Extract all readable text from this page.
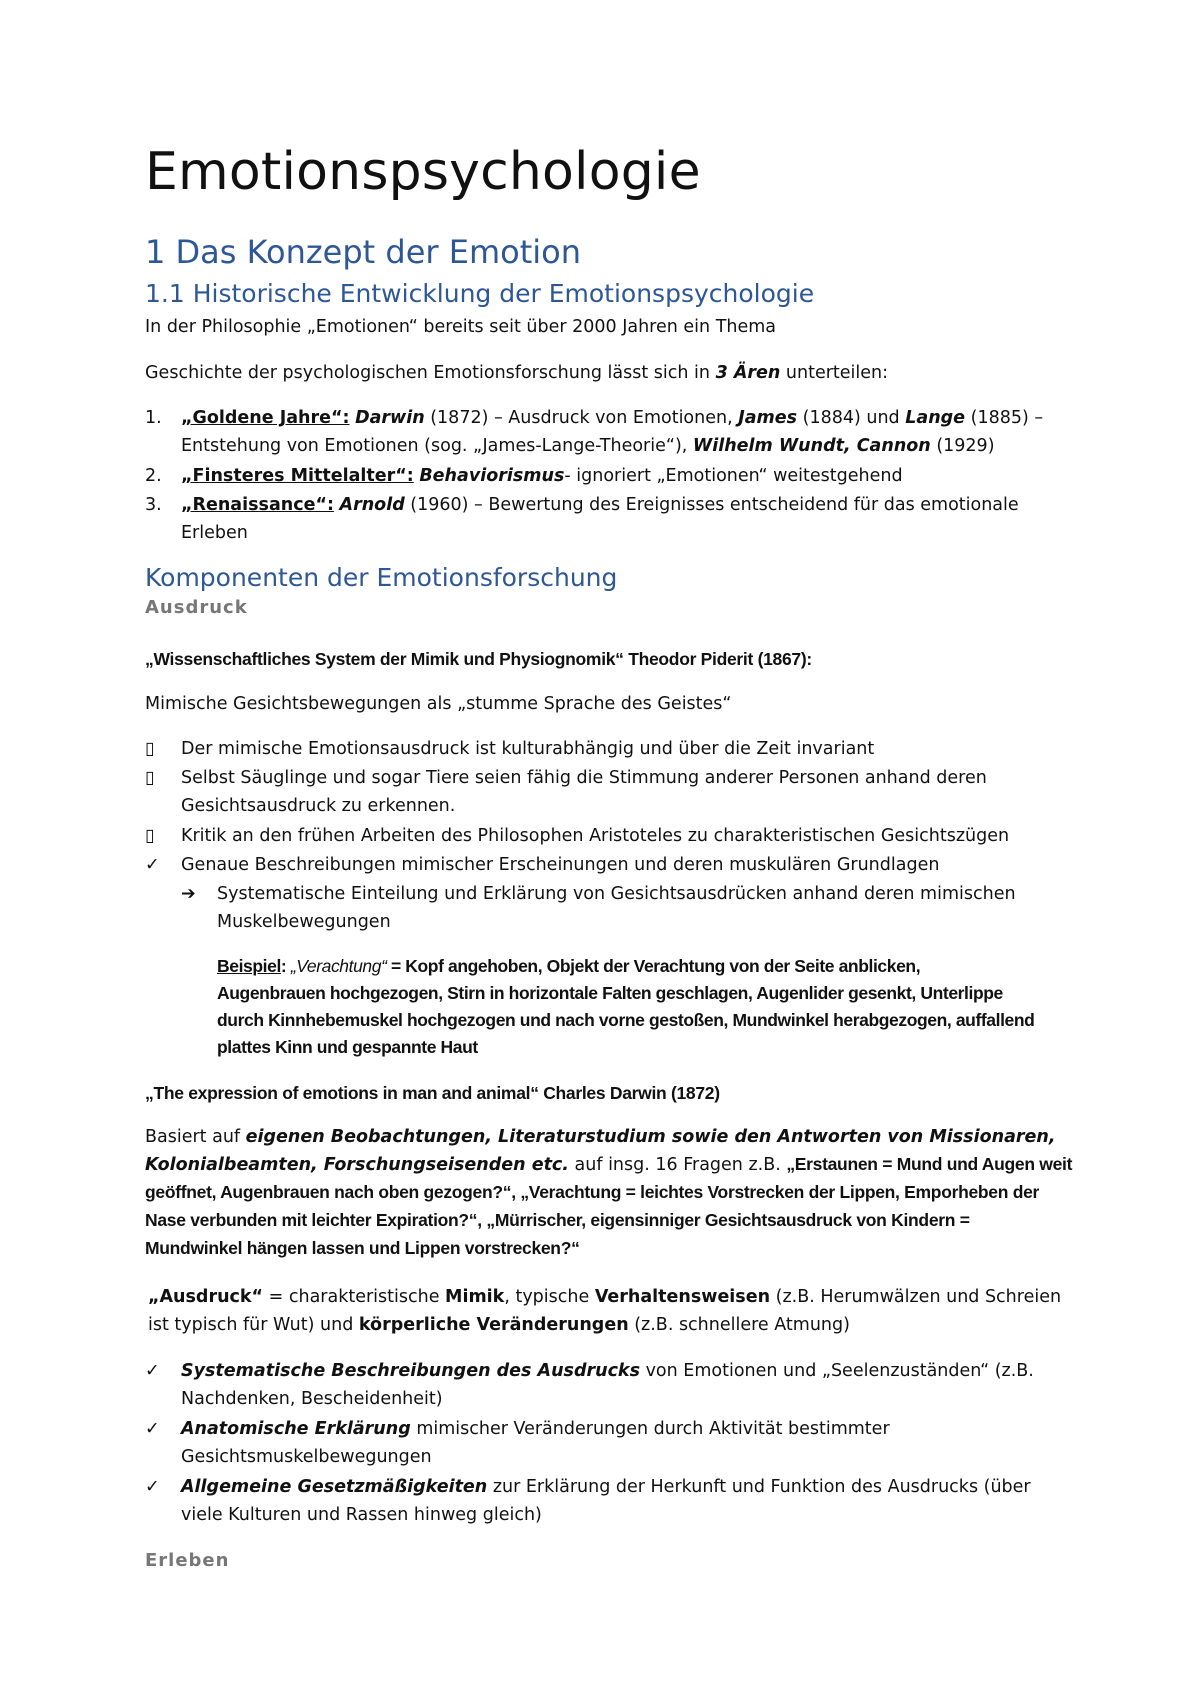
Emotionspsychologie
1 Das Konzept der Emotion
1.1 Historische Entwicklung der Emotionspsychologie

In der Philosophie „Emotionen“ bereits seit über 2000 Jahren ein Thema

Geschichte der psychologischen Emotionsforschung lässt sich in 3 Ären unterteilen:

1.	„Goldene Jahre“: Darwin (1872) – Ausdruck von Emotionen, James (1884) und Lange (1885) –
Entstehung von Emotionen (sog. „James-Lange-Theorie“), Wilhelm Wundt, Cannon (1929)
2.	„Finsteres Mittelalter“: Behaviorismus- ignoriert „Emotionen“ weitestgehend
3.	„Renaissance“: Arnold (1960) – Bewertung des Ereignisses entscheidend für das emotionale
Erleben
Komponenten der Emotionsforschung
Ausdruck

„Wissenschaftliches System der Mimik und Physiognomik“ Theodor Piderit (1867):

Mimische Gesichtsbewegungen als „stumme Sprache des Geistes“

▯	Der mimische Emotionsausdruck ist kulturabhängig und über die Zeit invariant
▯	Selbst Säuglinge und sogar Tiere seien fähig die Stimmung anderer Personen anhand deren
Gesichtsausdruck zu erkennen.
▯	Kritik an den frühen Arbeiten des Philosophen Aristoteles zu charakteristischen Gesichtszügen
✓	Genaue Beschreibungen mimischer Erscheinungen und deren muskulären Grundlagen
➔	Systematische Einteilung und Erklärung von Gesichtsausdrücken anhand deren mimischen
Muskelbewegungen
Beispiel: „Verachtung“ = Kopf angehoben, Objekt der Verachtung von der Seite anblicken,
Augenbrauen hochgezogen, Stirn in horizontale Falten geschlagen, Augenlider gesenkt, Unterlippe
durch Kinnhebemuskel hochgezogen und nach vorne gestoßen, Mundwinkel herabgezogen, auffallend
plattes Kinn und gespannte Haut

„The expression of emotions in man and animal“ Charles Darwin (1872)

Basiert auf eigenen Beobachtungen, Literaturstudium sowie den Antworten von Missionaren,
Kolonialbeamten, Forschungseisenden etc. auf insg. 16 Fragen z.B. „Erstaunen = Mund und Augen weit
geöffnet, Augenbrauen nach oben gezogen?“, „Verachtung = leichtes Vorstrecken der Lippen, Emporheben der
Nase verbunden mit leichter Expiration?“, „Mürrischer, eigensinniger Gesichtsausdruck von Kindern =
Mundwinkel hängen lassen und Lippen vorstrecken?“
„Ausdruck“ = charakteristische Mimik, typische Verhaltensweisen (z.B. Herumwälzen und Schreien
ist typisch für Wut) und körperliche Veränderungen (z.B. schnellere Atmung)
✓	Systematische Beschreibungen des Ausdrucks von Emotionen und „Seelenzuständen“ (z.B.
Nachdenken, Bescheidenheit)
✓	Anatomische Erklärung mimischer Veränderungen durch Aktivität bestimmter
Gesichtsmuskelbewegungen
✓	Allgemeine Gesetzmäßigkeiten zur Erklärung der Herkunft und Funktion des Ausdrucks (über
viele Kulturen und Rassen hinweg gleich)
Erleben
